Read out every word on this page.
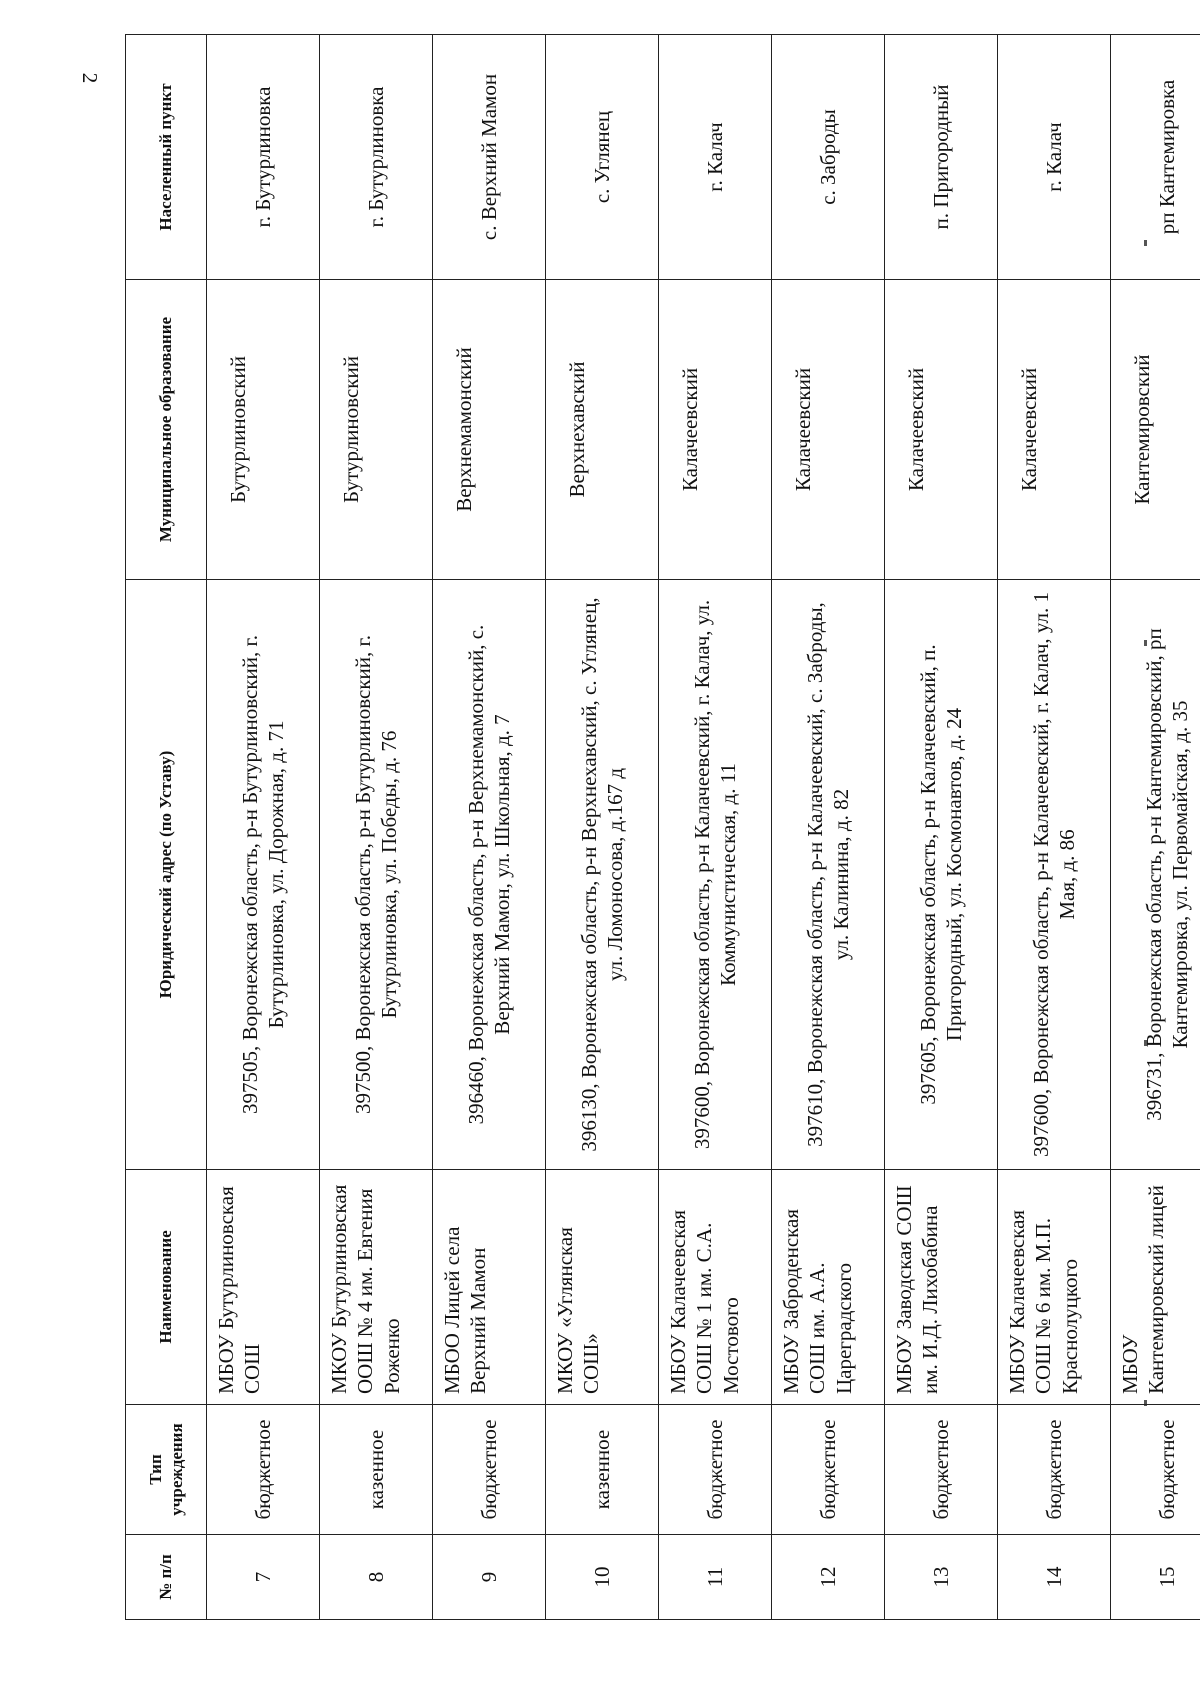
2
№ п/п	Тип учреждения	Наименование	Юридический адрес (по Уставу)	Муниципальное образование	Населенный пункт
7	бюджетное	МБОУ Бутурлиновская СОШ	397505, Воронежская область, р-н Бутурлиновский, г. Бутурлиновка, ул. Дорожная, д. 71	Бутурлиновский	г. Бутурлиновка
8	казенное	МКОУ Бутурлиновская ООШ № 4 им. Евгения Роженко	397500, Воронежская область, р-н Бутурлиновский, г. Бутурлиновка, ул. Победы, д. 76	Бутурлиновский	г. Бутурлиновка
9	бюджетное	МБОО Лицей села Верхний Мамон	396460, Воронежская область, р-н Верхнемамонский, с. Верхний Мамон, ул. Школьная, д. 7	Верхнемамонский	с. Верхний Мамон
10	казенное	МКОУ «Углянская СОШ»	396130, Воронежская область, р-н Верхнехавский, с. Углянец, ул. Ломоносова, д.167 д	Верхнехавский	с. Углянец
11	бюджетное	МБОУ Калачеевская СОШ № 1 им. С.А. Мостового	397600, Воронежская область, р-н Калачеевский, г. Калач, ул. Коммунистическая, д. 11	Калачеевский	г. Калач
12	бюджетное	МБОУ Заброденская СОШ им. А.А. Цареградского	397610, Воронежская область, р-н Калачеевский, с. Заброды, ул. Калинина, д. 82	Калачеевский	с. Заброды
13	бюджетное	МБОУ Заводская СОШ им. И.Д. Лихобабина	397605, Воронежская область, р-н Калачеевский, п. Пригородный, ул. Космонавтов, д. 24	Калачеевский	п. Пригородный
14	бюджетное	МБОУ Калачеевская СОШ № 6 им. М.П. Краснолуцкого	397600, Воронежская область, р-н Калачеевский, г. Калач, ул. 1 Мая, д. 86	Калачеевский	г. Калач
15	бюджетное	МБОУ Кантемировский лицей	396731, Воронежская область, р-н Кантемировский, рп Кантемировка, ул. Первомайская, д. 35	Кантемировский	рп Кантемировка
